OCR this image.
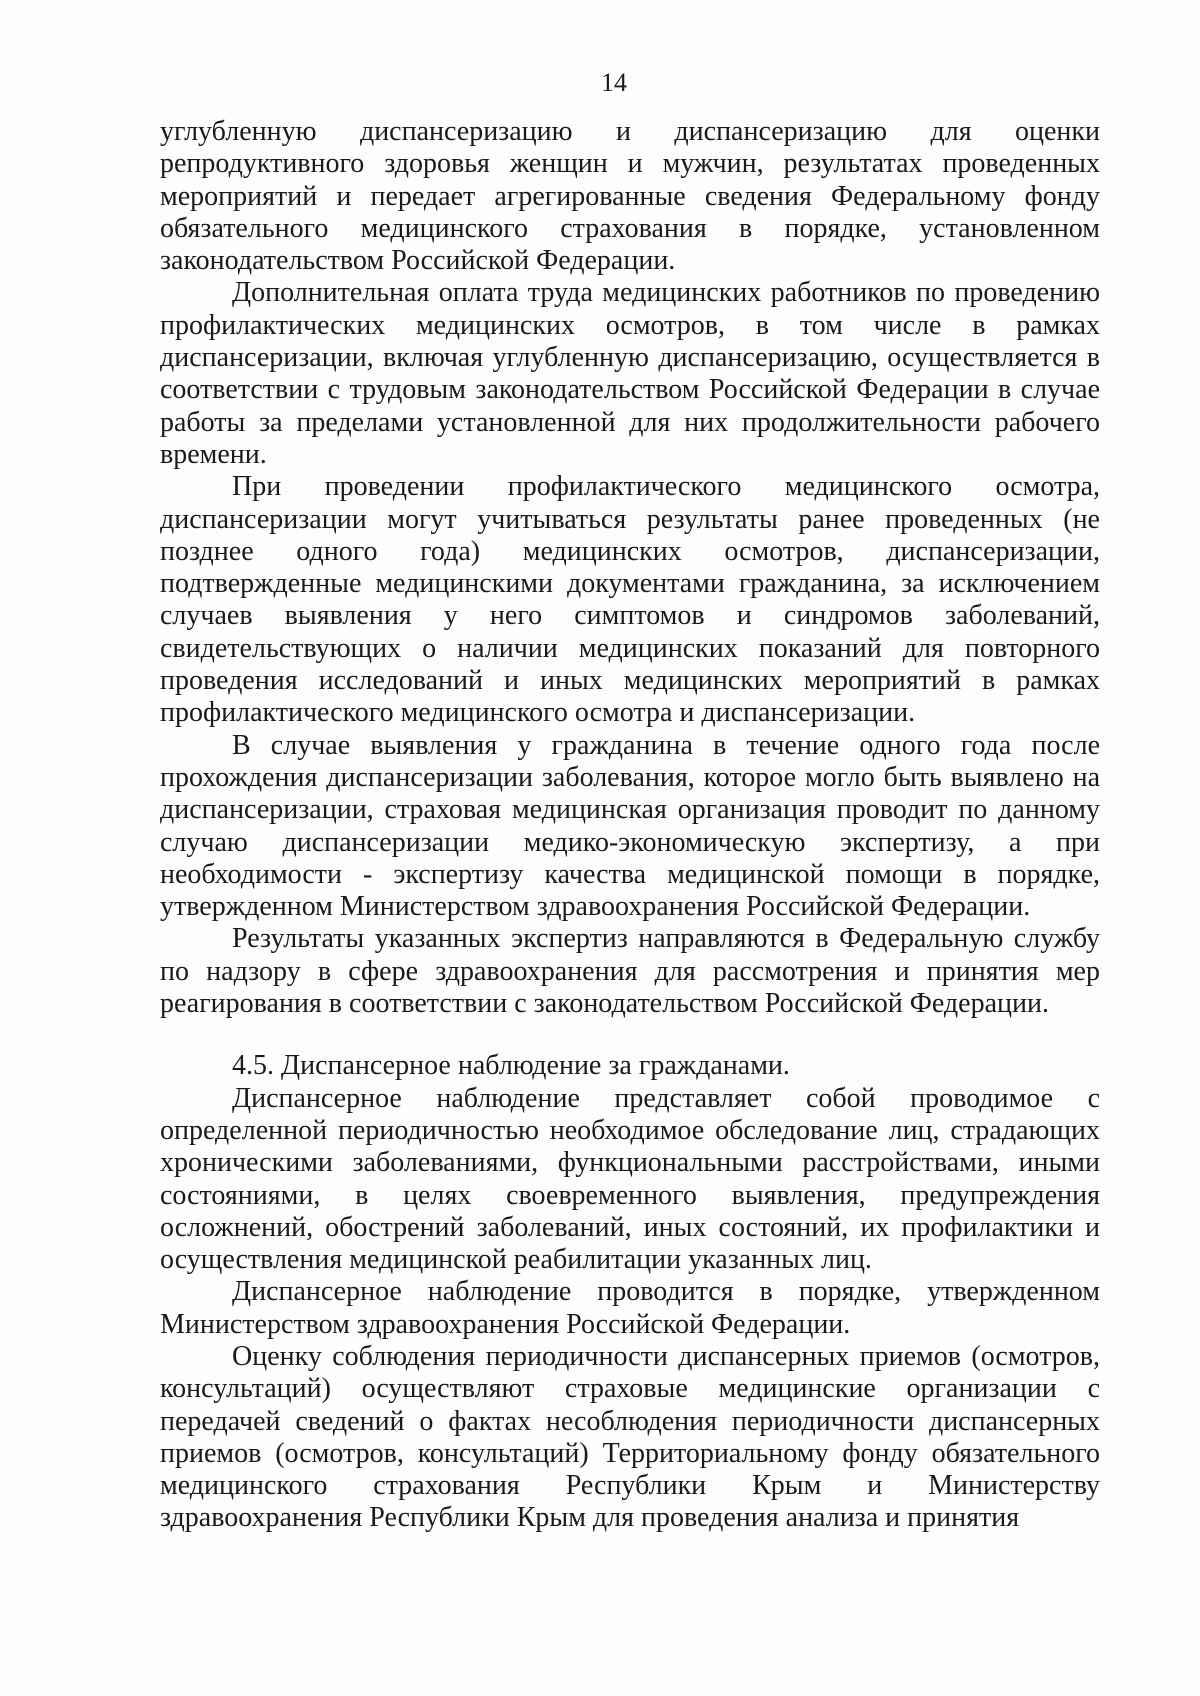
14

углубленную диспансеризацию и диспансеризацию для оценки репродуктивного здоровья женщин и мужчин, результатах проведенных мероприятий и передает агрегированные сведения Федеральному фонду обязательного медицинского страхования в порядке, установленном законодательством Российской Федерации.

Дополнительная оплата труда медицинских работников по проведению профилактических медицинских осмотров, в том числе в рамках диспансеризации, включая углубленную диспансеризацию, осуществляется в соответствии с трудовым законодательством Российской Федерации в случае работы за пределами установленной для них продолжительности рабочего времени.

При проведении профилактического медицинского осмотра, диспансеризации могут учитываться результаты ранее проведенных (не позднее одного года) медицинских осмотров, диспансеризации, подтвержденные медицинскими документами гражданина, за исключением случаев выявления у него симптомов и синдромов заболеваний, свидетельствующих о наличии медицинских показаний для повторного проведения исследований и иных медицинских мероприятий в рамках профилактического медицинского осмотра и диспансеризации.

В случае выявления у гражданина в течение одного года после прохождения диспансеризации заболевания, которое могло быть выявлено на диспансеризации, страховая медицинская организация проводит по данному случаю диспансеризации медико-экономическую экспертизу, а при необходимости - экспертизу качества медицинской помощи в порядке, утвержденном Министерством здравоохранения Российской Федерации.

Результаты указанных экспертиз направляются в Федеральную службу по надзору в сфере здравоохранения для рассмотрения и принятия мер реагирования в соответствии с законодательством Российской Федерации.

4.5. Диспансерное наблюдение за гражданами.

Диспансерное наблюдение представляет собой проводимое с определенной периодичностью необходимое обследование лиц, страдающих хроническими заболеваниями, функциональными расстройствами, иными состояниями, в целях своевременного выявления, предупреждения осложнений, обострений заболеваний, иных состояний, их профилактики и осуществления медицинской реабилитации указанных лиц.

Диспансерное наблюдение проводится в порядке, утвержденном Министерством здравоохранения Российской Федерации.

Оценку соблюдения периодичности диспансерных приемов (осмотров, консультаций) осуществляют страховые медицинские организации с передачей сведений о фактах несоблюдения периодичности диспансерных приемов (осмотров, консультаций) Территориальному фонду обязательного медицинского страхования Республики Крым и Министерству здравоохранения Республики Крым для проведения анализа и принятия
